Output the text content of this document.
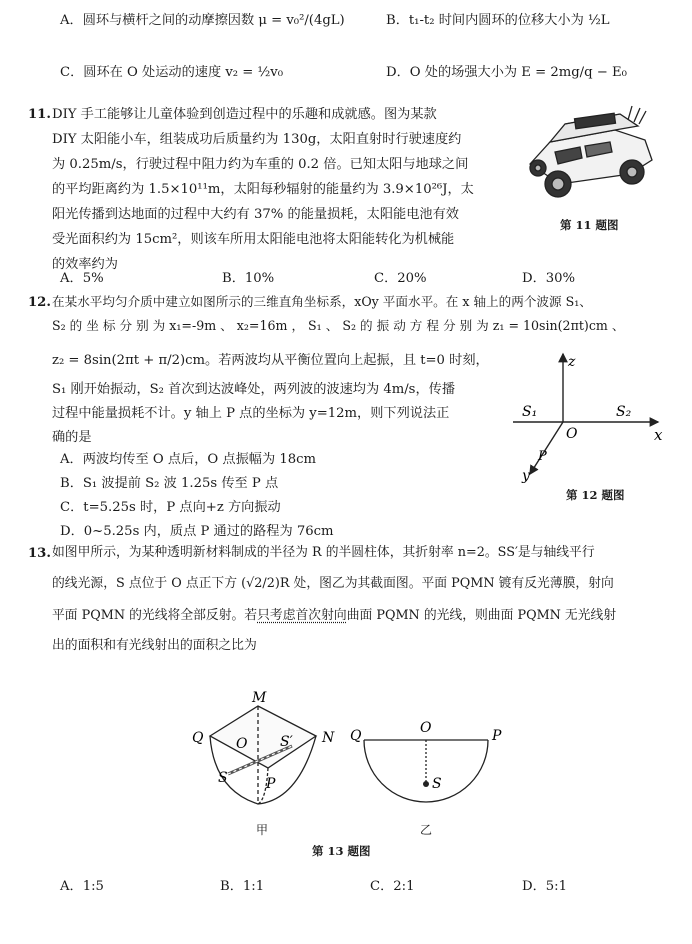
A．圆环与横杆之间的动摩擦因数 μ = v₀²/(4gL)	B．t₁-t₂ 时间内圆环的位移大小为 ½L
C．圆环在 O 处运动的速度 v₂ = ½v₀	D．O 处的场强大小为 E = 2mg/q − E₀
11. DIY 手工能够让儿童体验到创造过程中的乐趣和成就感。图为某款
DIY 太阳能小车，组装成功后质量约为 130g，太阳直射时行驶速度约
为 0.25m/s，行驶过程中阻力约为车重的 0.2 倍。已知太阳与地球之间
的平均距离约为 1.5×10¹¹m，太阳每秒辐射的能量约为 3.9×10²⁶J，太
阳光传播到达地面的过程中大约有 37% 的能量损耗，太阳能电池有效
受光面积约为 15cm²，则该车所用太阳能电池将太阳能转化为机械能
的效率约为
第 11 题图
A．5%	B．10%	C．20%	D．30%
12. 在某水平均匀介质中建立如图所示的三维直角坐标系，xOy 平面水平。在 x 轴上的两个波源 S₁、
S₂ 的 坐 标 分 别 为 x₁=-9m 、 x₂=16m ， S₁ 、 S₂ 的 振 动 方 程 分 别 为 z₁ = 10sin(2πt)cm 、
z₂ = 8sin(2πt + π/2)cm。若两波均从平衡位置向上起振，且 t=0 时刻，
S₁ 刚开始振动，S₂ 首次到达波峰处，两列波的波速均为 4m/s，传播
过程中能量损耗不计。y 轴上 P 点的坐标为 y=12m，则下列说法正
确的是
A．两波均传至 O 点后，O 点振幅为 18cm
B．S₁ 波提前 S₂ 波 1.25s 传至 P 点
C．t=5.25s 时，P 点向+z 方向振动
D．0~5.25s 内，质点 P 通过的路程为 76cm
z
x
y
O
S₁	S₂
P
第 12 题图
13. 如图甲所示，为某种透明新材料制成的半径为 R 的半圆柱体，其折射率 n=2。SS′是与轴线平行
的线光源，S 点位于 O 点正下方 (√2/2)R 处，图乙为其截面图。平面 PQMN 镀有反光薄膜，射向
平面 PQMN 的光线将全部反射。若只考虑首次射向曲面 PQMN 的光线，则曲面 PQMN 无光线射
出的面积和有光线射出的面积之比为
M
Q O S′ N
S	P
甲
Q	O	P
S
乙
第 13 题图
A．1:5	B．1:1	C．2:1	D．5:1
